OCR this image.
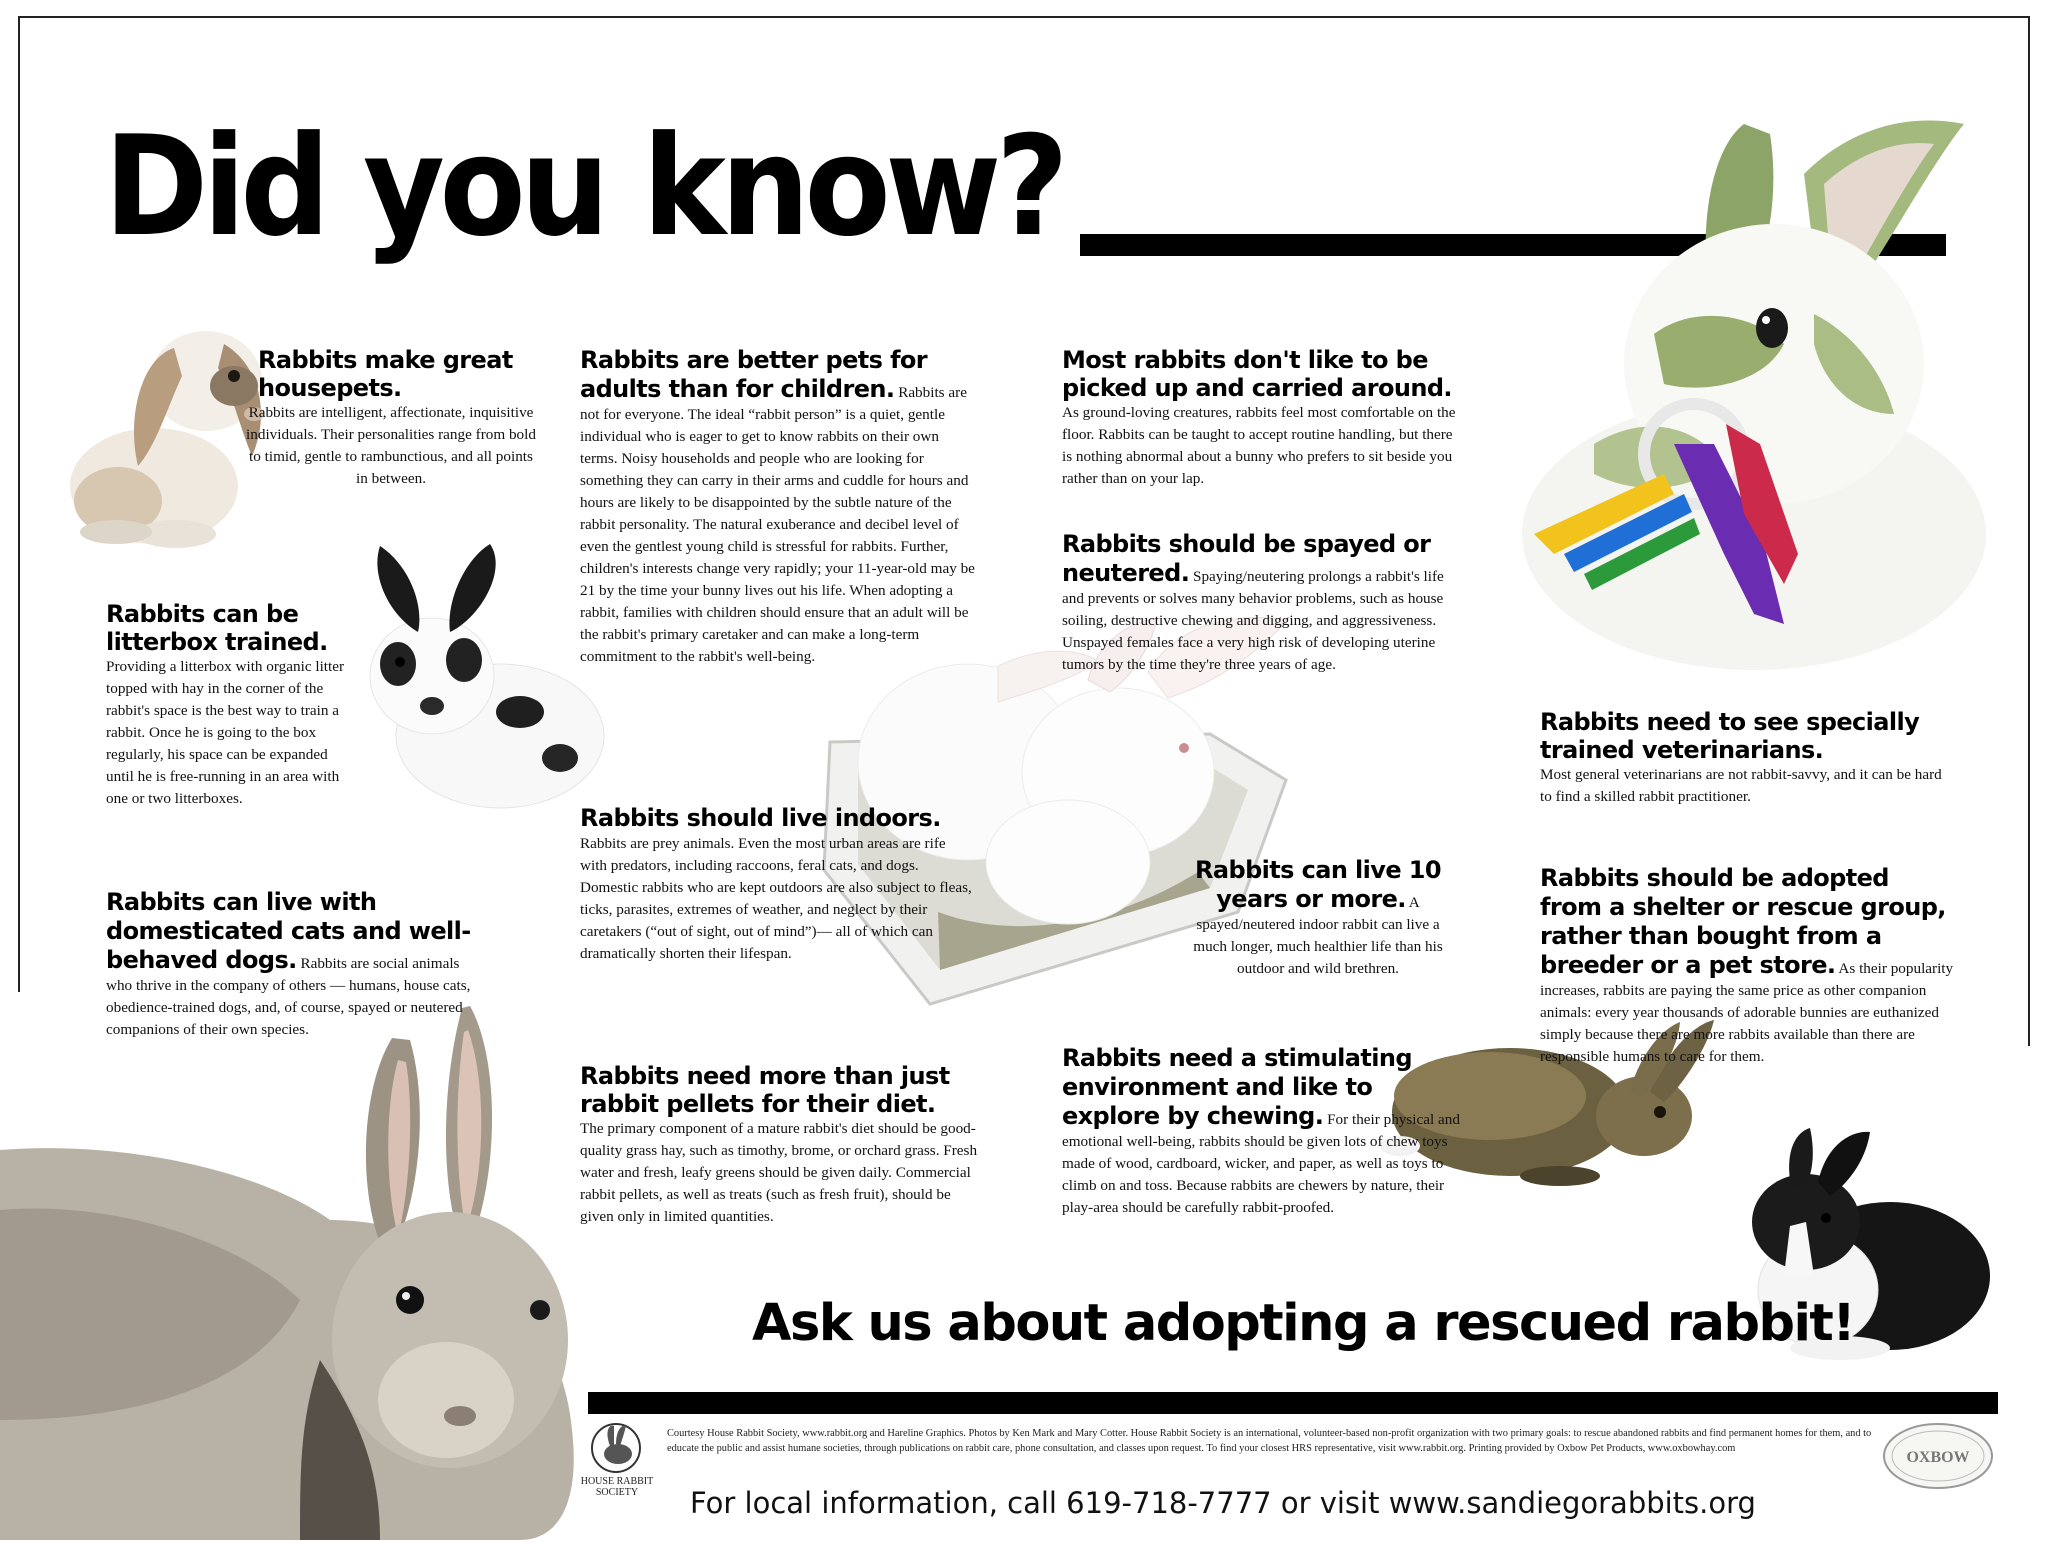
Did you know?

Rabbits make great housepets.
Rabbits are intelligent, affectionate, inquisitive individuals. Their personalities range from bold to timid, gentle to rambunctious, and all points in between.

Rabbits can be litterbox trained.
Providing a litterbox with organic litter topped with hay in the corner of the rabbit's space is the best way to train a rabbit. Once he is going to the box regularly, his space can be expanded until he is free-running in an area with one or two litterboxes.

Rabbits can live with domesticated cats and well-behaved dogs. Rabbits are social animals who thrive in the company of others — humans, house cats, obedience-trained dogs, and, of course, spayed or neutered companions of their own species.

Rabbits are better pets for adults than for children. Rabbits are not for everyone. The ideal “rabbit person” is a quiet, gentle individual who is eager to get to know rabbits on their own terms. Noisy households and people who are looking for something they can carry in their arms and cuddle for hours and hours are likely to be disappointed by the subtle nature of the rabbit personality. The natural exuberance and decibel level of even the gentlest young child is stressful for rabbits. Further, children's interests change very rapidly; your 11-year-old may be 21 by the time your bunny lives out his life. When adopting a rabbit, families with children should ensure that an adult will be the rabbit's primary caretaker and can make a long-term commitment to the rabbit's well-being.

Rabbits should live indoors. Rabbits are prey animals. Even the most urban areas are rife with predators, including raccoons, feral cats, and dogs. Domestic rabbits who are kept outdoors are also subject to fleas, ticks, parasites, extremes of weather, and neglect by their caretakers (“out of sight, out of mind”)— all of which can dramatically shorten their lifespan.

Rabbits need more than just rabbit pellets for their diet.
The primary component of a mature rabbit's diet should be good-quality grass hay, such as timothy, brome, or orchard grass. Fresh water and fresh, leafy greens should be given daily. Commercial rabbit pellets, as well as treats (such as fresh fruit), should be given only in limited quantities.

Most rabbits don't like to be picked up and carried around.
As ground-loving creatures, rabbits feel most comfortable on the floor. Rabbits can be taught to accept routine handling, but there is nothing abnormal about a bunny who prefers to sit beside you rather than on your lap.

Rabbits should be spayed or neutered. Spaying/neutering prolongs a rabbit's life and prevents or solves many behavior problems, such as house soiling, destructive chewing and digging, and aggressiveness. Unspayed females face a very high risk of developing uterine tumors by the time they're three years of age.

Rabbits can live 10 years or more. A spayed/neutered indoor rabbit can live a much longer, much healthier life than his outdoor and wild brethren.

Rabbits need a stimulating environment and like to explore by chewing. For their physical and emotional well-being, rabbits should be given lots of chew toys made of wood, cardboard, wicker, and paper, as well as toys to climb on and toss. Because rabbits are chewers by nature, their play-area should be carefully rabbit-proofed.

Rabbits need to see specially trained veterinarians.
Most general veterinarians are not rabbit-savvy, and it can be hard to find a skilled rabbit practitioner.

Rabbits should be adopted from a shelter or rescue group, rather than bought from a breeder or a pet store. As their popularity increases, rabbits are paying the same price as other companion animals: every year thousands of adorable bunnies are euthanized simply because there are more rabbits available than there are responsible humans to care for them.

Ask us about adopting a rescued rabbit!

HOUSE RABBIT SOCIETY

Courtesy House Rabbit Society, www.rabbit.org and Hareline Graphics. Photos by Ken Mark and Mary Cotter. House Rabbit Society is an international, volunteer-based non-profit organization with two primary goals: to rescue abandoned rabbits and find permanent homes for them, and to educate the public and assist humane societies, through publications on rabbit care, phone consultation, and classes upon request. To find your closest HRS representative, visit www.rabbit.org. Printing provided by Oxbow Pet Products, www.oxbowhay.com

OXBOW

For local information, call 619-718-7777 or visit www.sandiegorabbits.org
